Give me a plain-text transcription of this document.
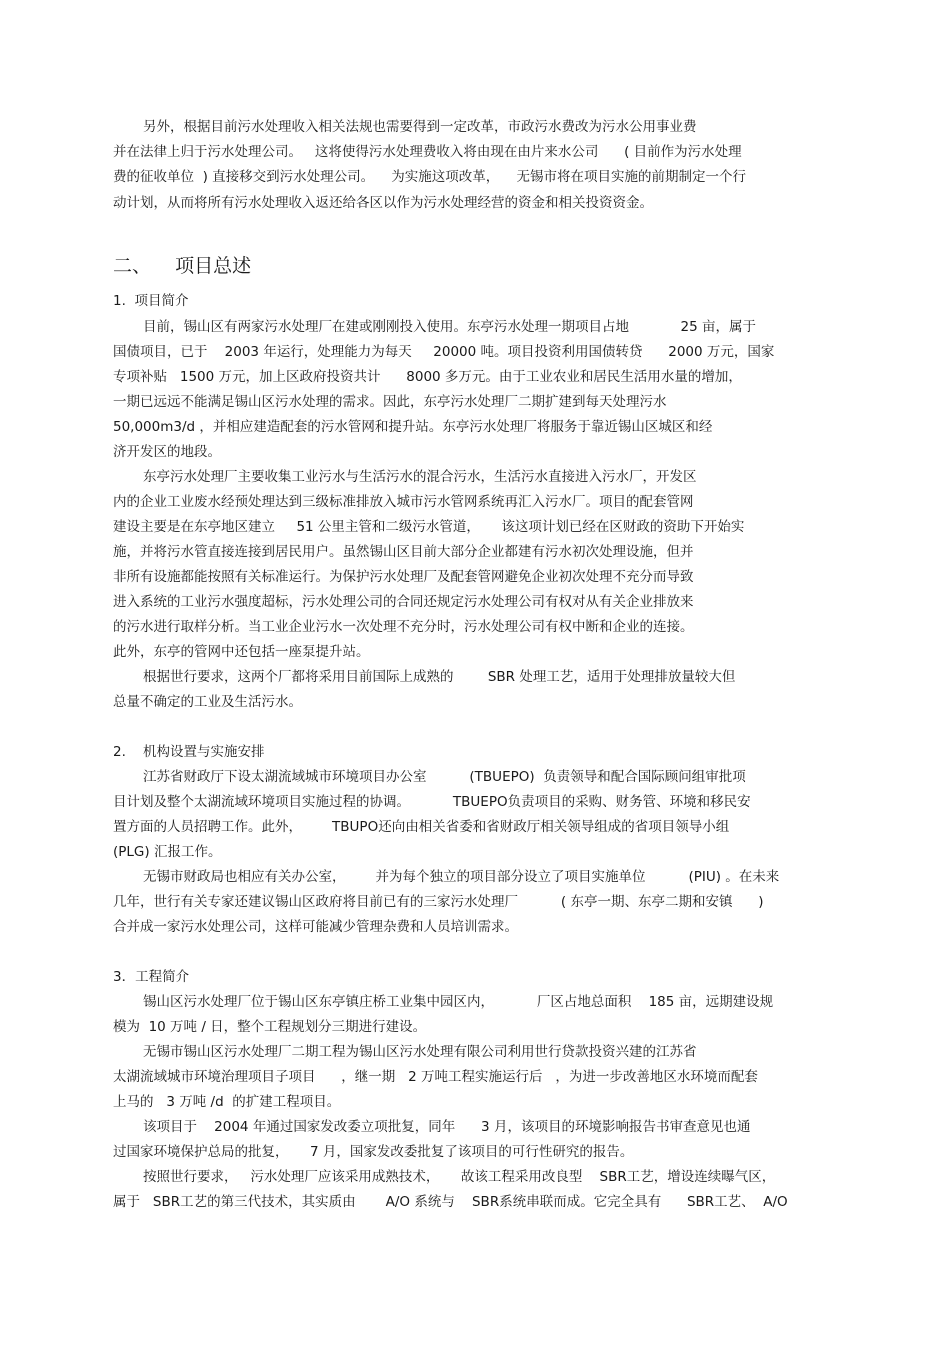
另外，根据目前污水处理收入相关法规也需要得到一定改革，市政污水费改为污水公用事业费
并在法律上归于污水处理公司。   这将使得污水处理费收入将由现在由片来水公司      ( 目前作为污水处理
费的征收单位  ) 直接移交到污水处理公司。    为实施这项改革，    无锡市将在项目实施的前期制定一个行
动计划，从而将所有污水处理收入返还给各区以作为污水处理经营的资金和相关投资资金。
二、    项目总述
1.  项目简介
目前，锡山区有两家污水处理厂在建或刚刚投入使用。东亭污水处理一期项目占地            25 亩，属于
国债项目，已于    2003 年运行，处理能力为每天     20000 吨。项目投资利用国债转贷      2000 万元，国家
专项补贴   1500 万元，加上区政府投资共计      8000 多万元。由于工业农业和居民生活用水量的增加，
一期已远远不能满足锡山区污水处理的需求。因此，东亭污水处理厂二期扩建到每天处理污水
50,000m3/d ，并相应建造配套的污水管网和提升站。东亭污水处理厂将服务于靠近锡山区城区和经
济开发区的地段。
东亭污水处理厂主要收集工业污水与生活污水的混合污水，生活污水直接进入污水厂，开发区
内的企业工业废水经预处理达到三级标准排放入城市污水管网系统再汇入污水厂。项目的配套管网
建设主要是在东亭地区建立     51 公里主管和二级污水管道，     该这项计划已经在区财政的资助下开始实
施，并将污水管直接连接到居民用户。虽然锡山区目前大部分企业都建有污水初次处理设施，但并
非所有设施都能按照有关标准运行。为保护污水处理厂及配套管网避免企业初次处理不充分而导致
进入系统的工业污水强度超标，污水处理公司的合同还规定污水处理公司有权对从有关企业排放来
的污水进行取样分析。当工业企业污水一次处理不充分时，污水处理公司有权中断和企业的连接。
此外，东亭的管网中还包括一座泵提升站。
根据世行要求，这两个厂都将采用目前国际上成熟的        SBR 处理工艺，适用于处理排放量较大但
总量不确定的工业及生活污水。
2.    机构设置与实施安排
江苏省财政厅下设太湖流域城市环境项目办公室          (TBUEPO)  负责领导和配合国际顾问组审批项
目计划及整个太湖流域环境项目实施过程的协调。          TBUEPO负责项目的采购、财务管、环境和移民安
置方面的人员招聘工作。此外，       TBUPO还向由相关省委和省财政厅相关领导组成的省项目领导小组
(PLG) 汇报工作。
无锡市财政局也相应有关办公室，       并为每个独立的项目部分设立了项目实施单位          (PIU) 。在未来
几年，世行有关专家还建议锡山区政府将目前已有的三家污水处理厂          ( 东亭一期、东亭二期和安镇      )
合并成一家污水处理公司，这样可能减少管理杂费和人员培训需求。
3．工程简介
锡山区污水处理厂位于锡山区东亭镇庄桥工业集中园区内，          厂区占地总面积    185 亩，远期建设规
模为  10 万吨 / 日，整个工程规划分三期进行建设。
无锡市锡山区污水处理厂二期工程为锡山区污水处理有限公司利用世行贷款投资兴建的江苏省
太湖流域城市环境治理项目子项目      ，继一期   2 万吨工程实施运行后   ，为进一步改善地区水环境而配套
上马的   3 万吨 /d  的扩建工程项目。
该项目于    2004 年通过国家发改委立项批复，同年      3 月，该项目的环境影响报告书审查意见也通
过国家环境保护总局的批复，     7 月，国家发改委批复了该项目的可行性研究的报告。
按照世行要求，   污水处理厂应该采用成熟技术，     故该工程采用改良型    SBR工艺，增设连续曝气区，
属于   SBR工艺的第三代技术，其实质由       A/O 系统与    SBR系统串联而成。它完全具有      SBR工艺、  A/O
